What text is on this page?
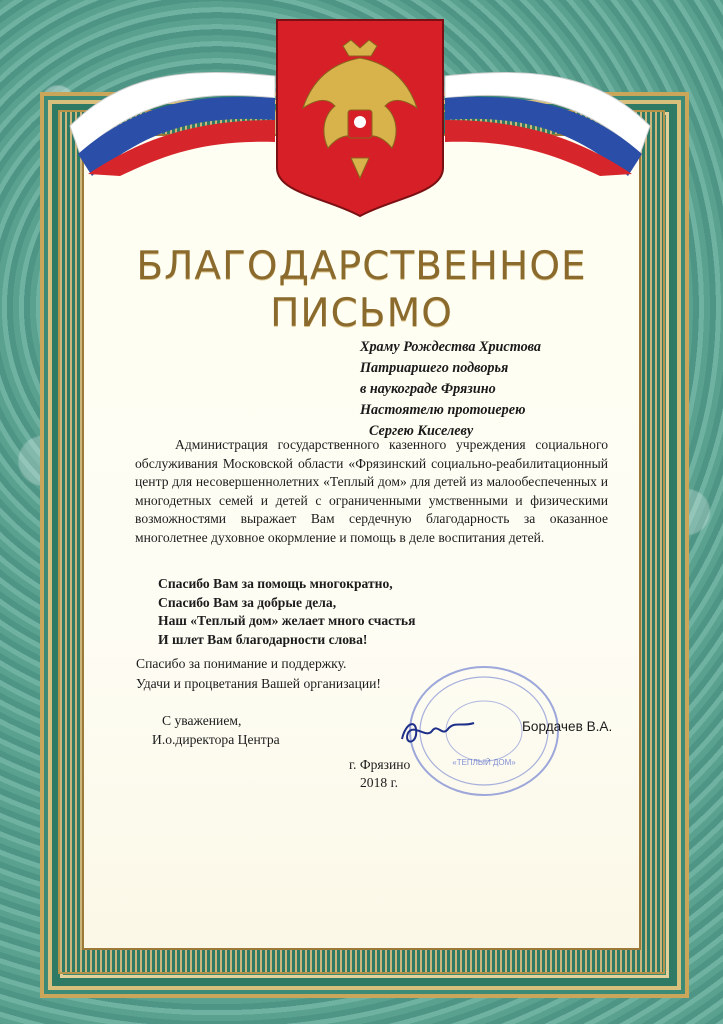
БЛАГОДАРСТВЕННОЕ
ПИСЬМО
Храму Рождества Христова
Патриаршего подворья
в наукограде Фрязино
Настоятелю протоиерею
Сергею Киселеву
Администрация государственного казенного учреждения социального обслуживания Московской области «Фрязинский социально-реабилитационный центр для несовершеннолетних «Теплый дом» для детей из малообеспеченных и многодетных семей и детей с ограниченными умственными и физическими возможностями выражает Вам сердечную благодарность за оказанное многолетнее духовное окормление и помощь в деле воспитания детей.
Спасибо Вам за помощь многократно,
Спасибо Вам за добрые дела,
Наш «Теплый дом» желает много счастья
И шлет Вам благодарности слова!
Спасибо за понимание и поддержку.
Удачи и процветания Вашей организации!
«ТЕПЛЫЙ ДОМ»
С уважением,
И.о.директора Центра
Бордачев В.А.
г. Фрязино
2018 г.
